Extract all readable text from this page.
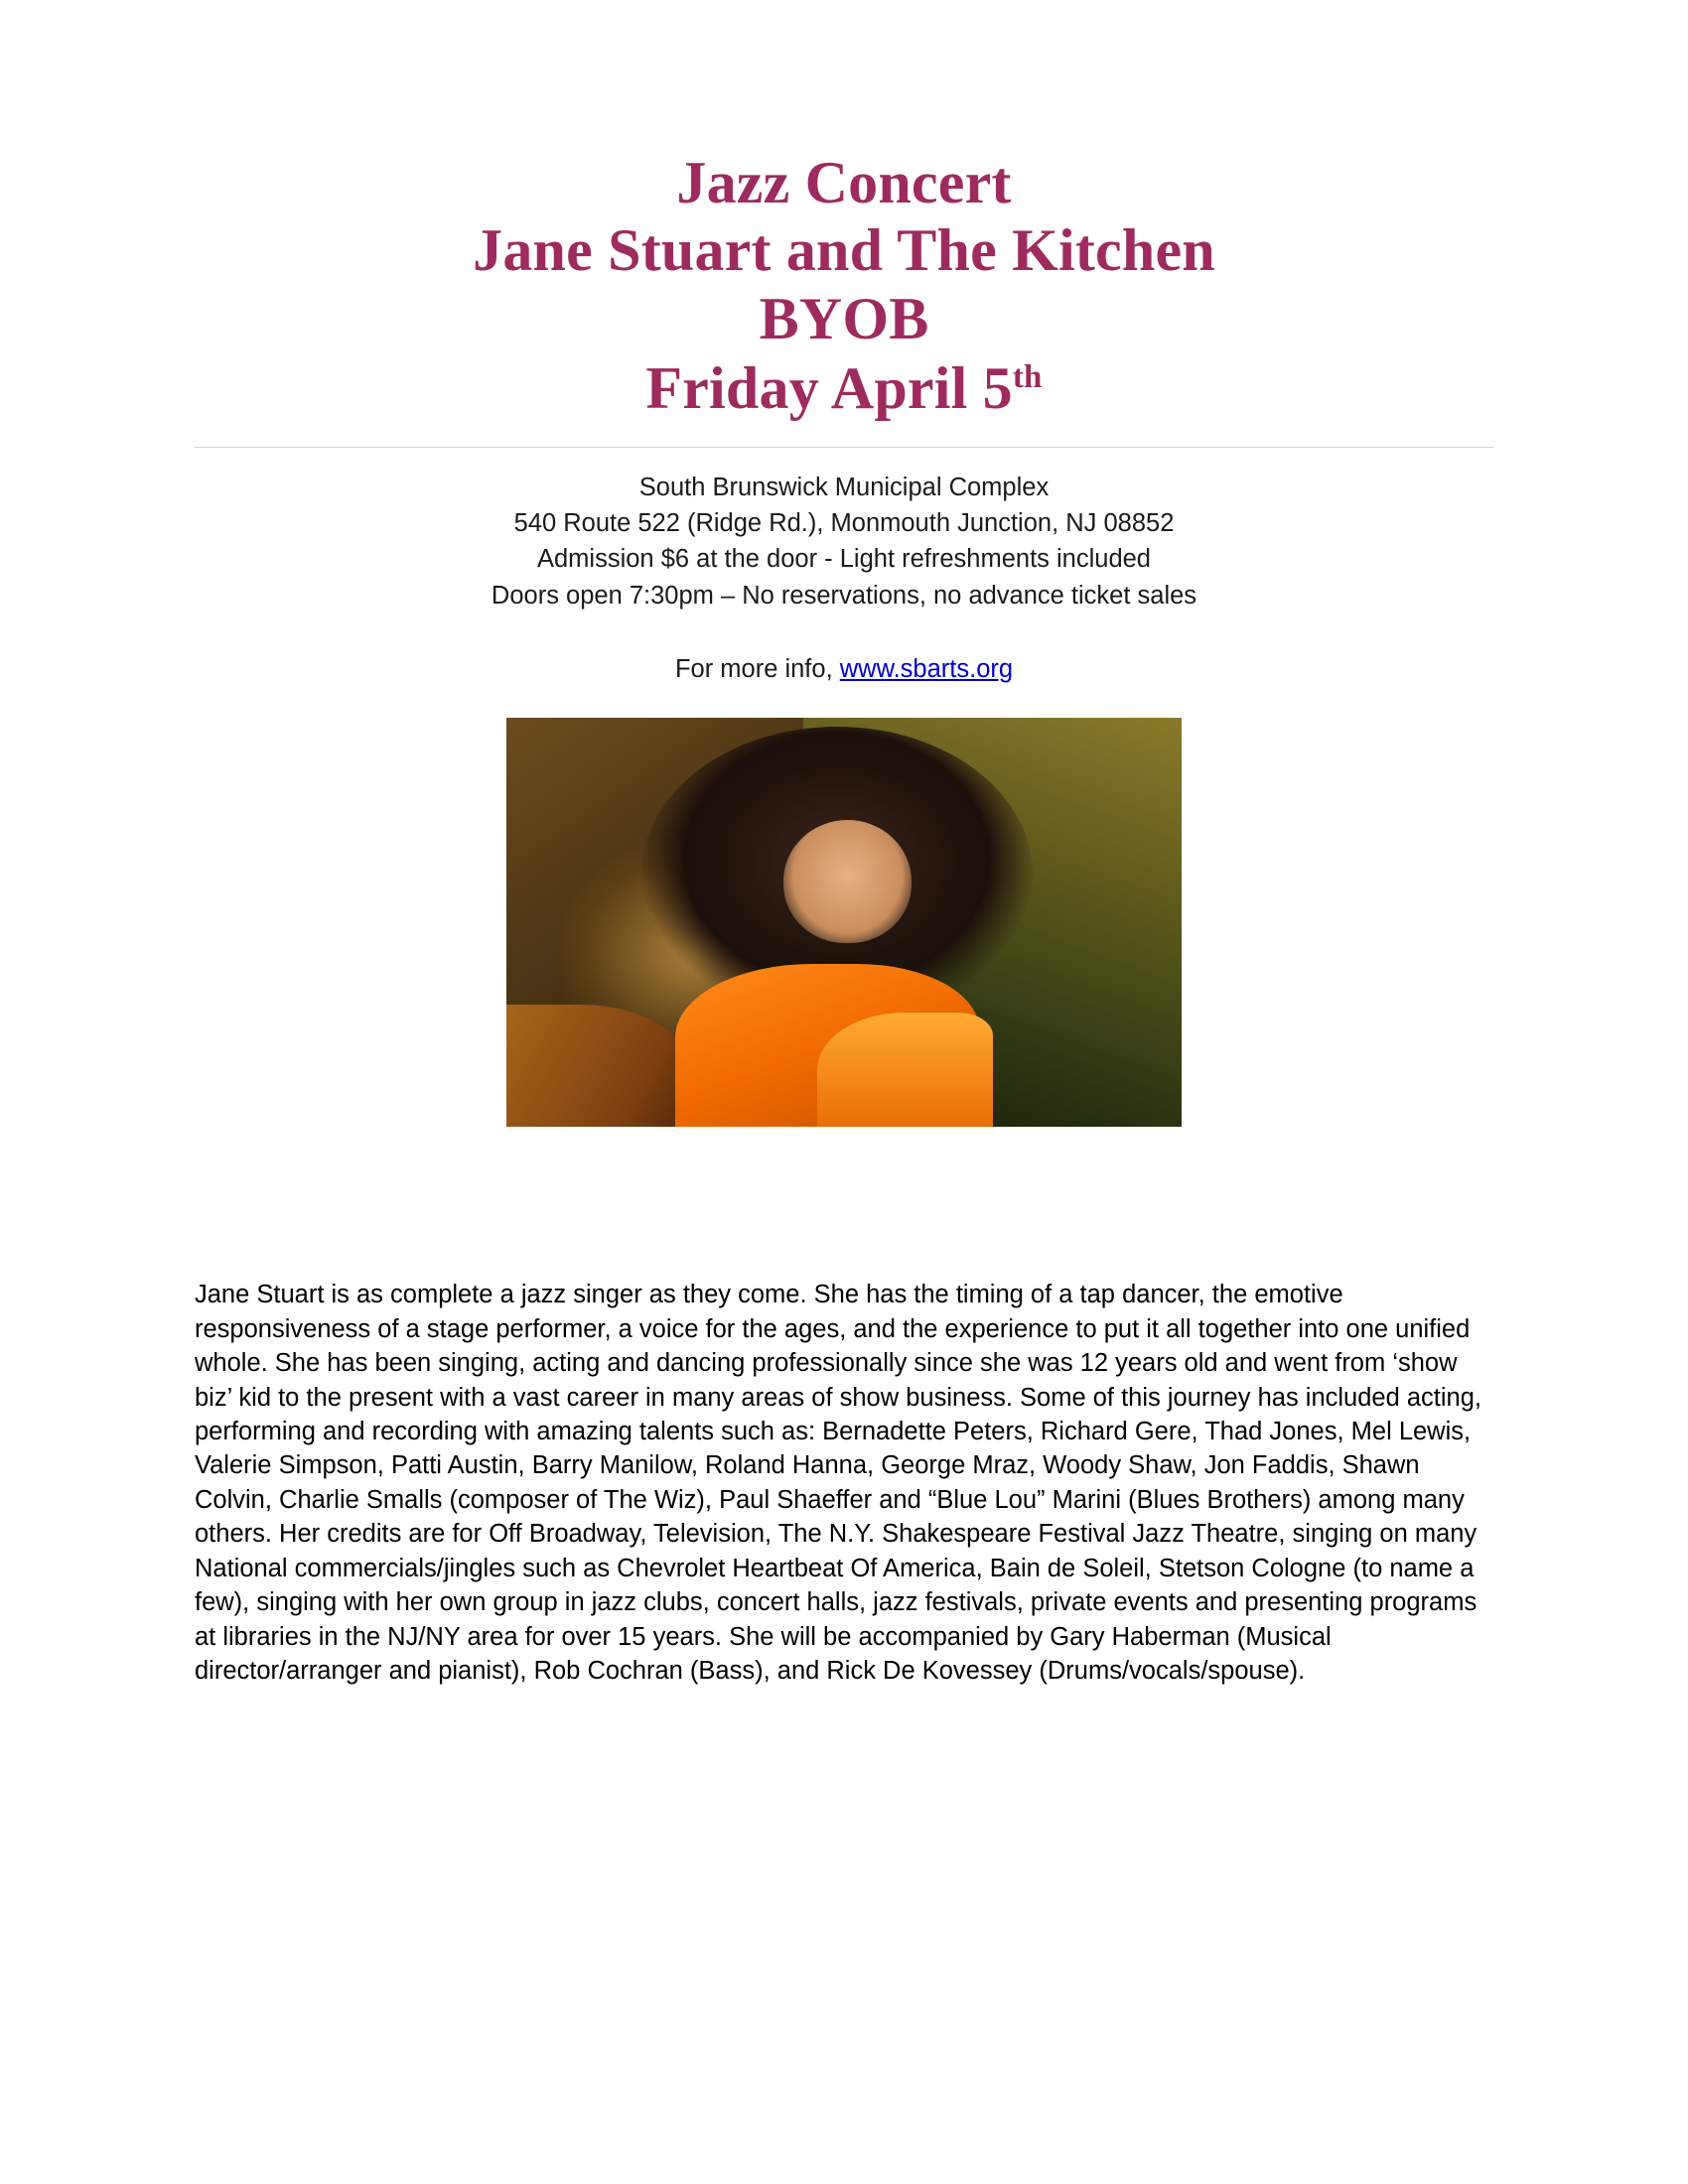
Jazz Concert
Jane Stuart and The Kitchen
BYOB
Friday April 5th
South Brunswick Municipal Complex
540 Route 522 (Ridge Rd.), Monmouth Junction, NJ 08852
Admission $6 at the door - Light refreshments included
Doors open 7:30pm – No reservations, no advance ticket sales
For more info, www.sbarts.org
Jane Stuart is as complete a jazz singer as they come. She has the timing of a tap dancer, the emotive responsiveness of a stage performer, a voice for the ages, and the experience to put it all together into one unified whole. She has been singing, acting and dancing professionally since she was 12 years old and went from ‘show biz’ kid to the present with a vast career in many areas of show business. Some of this journey has included acting, performing and recording with amazing talents such as: Bernadette Peters, Richard Gere, Thad Jones, Mel Lewis, Valerie Simpson, Patti Austin, Barry Manilow, Roland Hanna, George Mraz, Woody Shaw, Jon Faddis, Shawn Colvin, Charlie Smalls (composer of The Wiz), Paul Shaeffer and “Blue Lou” Marini (Blues Brothers) among many others. Her credits are for Off Broadway, Television, The N.Y. Shakespeare Festival Jazz Theatre, singing on many National commercials/jingles such as Chevrolet Heartbeat Of America, Bain de Soleil, Stetson Cologne (to name a few), singing with her own group in jazz clubs, concert halls, jazz festivals, private events and presenting programs at libraries in the NJ/NY area for over 15 years. She will be accompanied by Gary Haberman (Musical director/arranger and pianist), Rob Cochran (Bass), and Rick De Kovessey (Drums/vocals/spouse).
